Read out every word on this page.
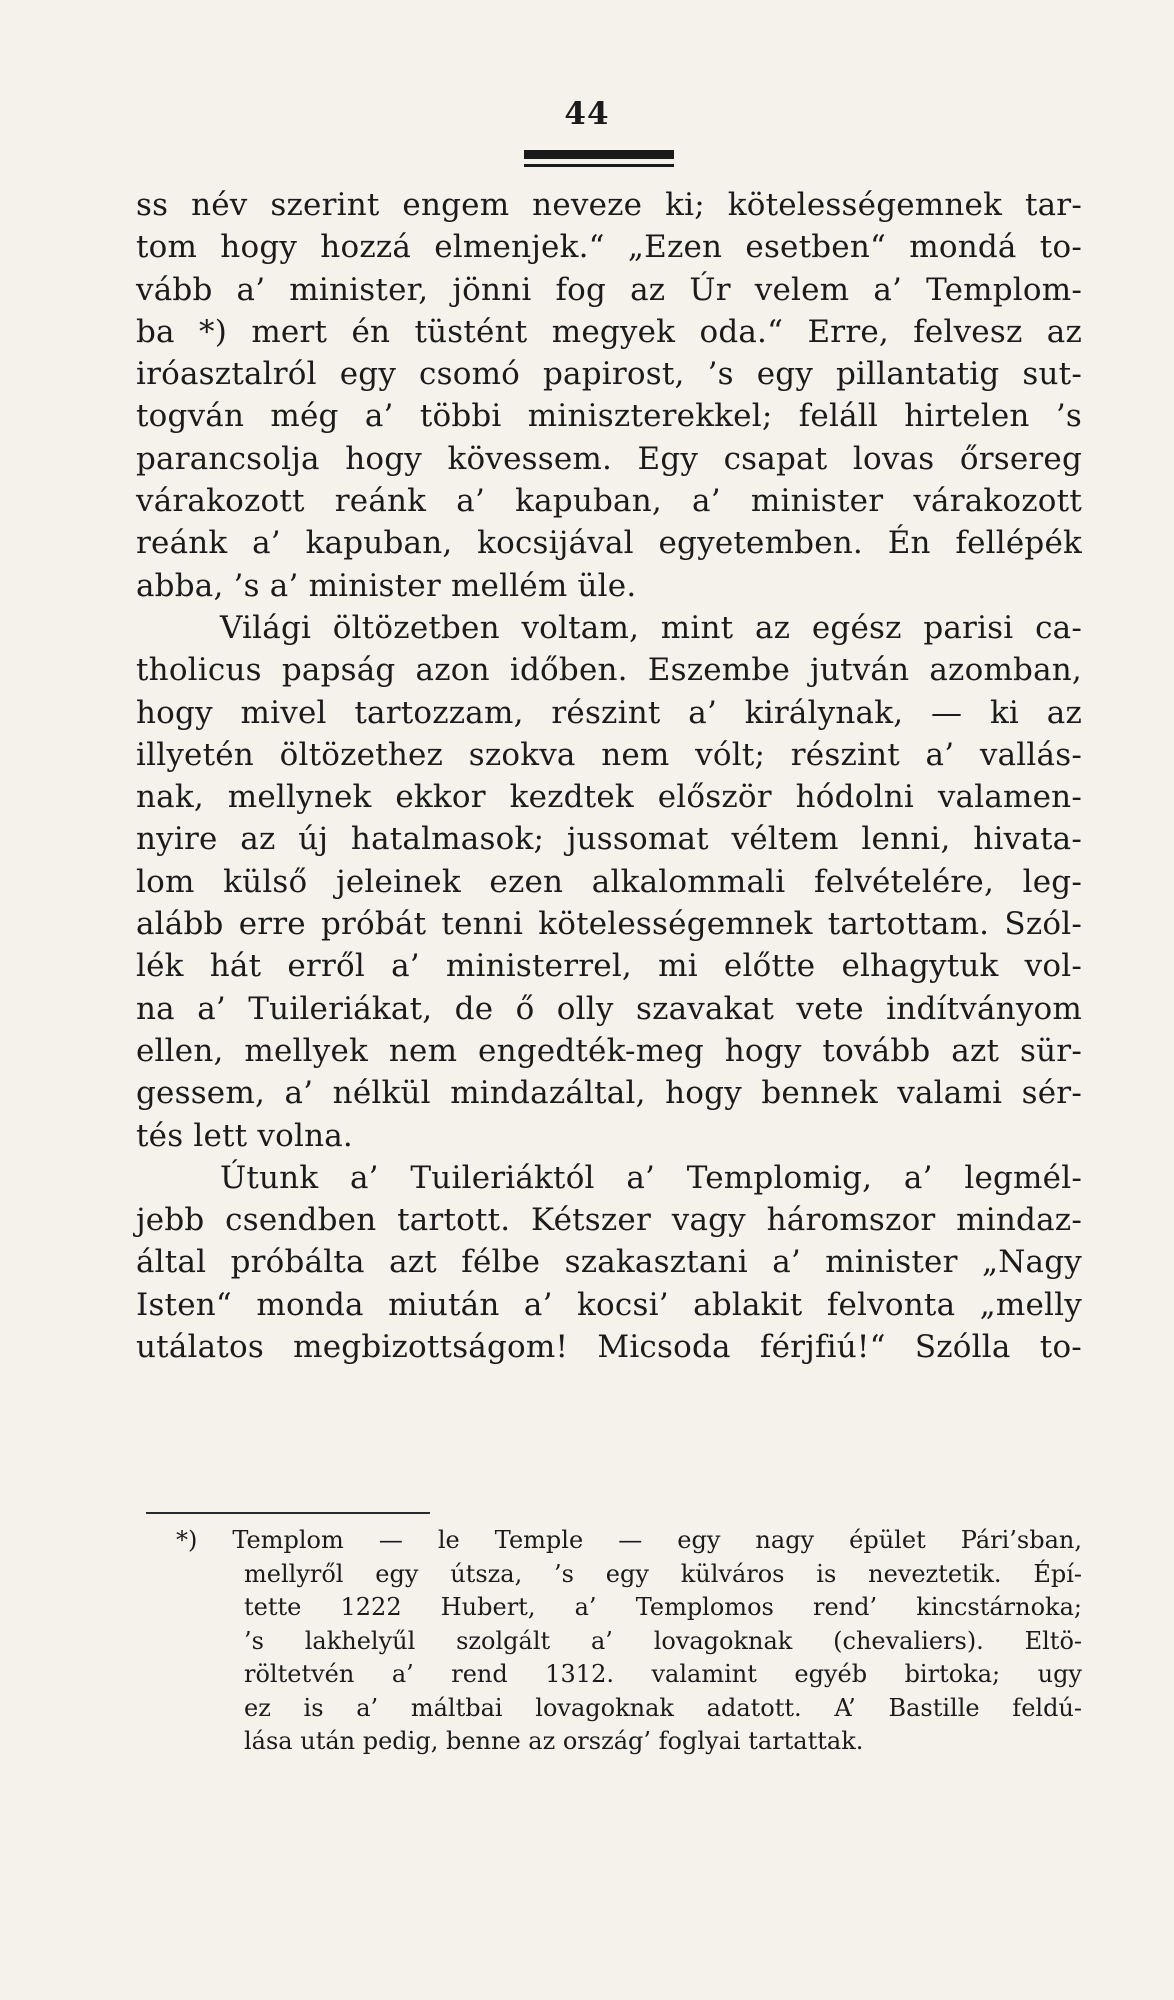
44
ss név szerint engem neveze ki; kötelességemnek tar-
tom hogy hozzá elmenjek.“ „Ezen esetben“ mondá to-
vább a’ minister, jönni fog az Úr velem a’ Templom-
ba *) mert én tüstént megyek oda.“ Erre, felvesz az
iróasztalról egy csomó papirost, ’s egy pillantatig sut-
togván még a’ többi miniszterekkel; feláll hirtelen ’s
parancsolja hogy kövessem. Egy csapat lovas őrsereg
várakozott reánk a’ kapuban, a’ minister várakozott
reánk a’ kapuban, kocsijával egyetemben. Én fellépék
abba, ’s a’ minister mellém üle.
Világi öltözetben voltam, mint az egész parisi ca-
tholicus papság azon időben. Eszembe jutván azomban,
hogy mivel tartozzam, részint a’ királynak, — ki az
illyetén öltözethez szokva nem vólt; részint a’ vallás-
nak, mellynek ekkor kezdtek először hódolni valamen-
nyire az új hatalmasok; jussomat véltem lenni, hivata-
lom külső jeleinek ezen alkalommali felvételére, leg-
alább erre próbát tenni kötelességemnek tartottam. Szól-
lék hát erről a’ ministerrel, mi előtte elhagytuk vol-
na a’ Tuileriákat, de ő olly szavakat vete indítványom
ellen, mellyek nem engedték-meg hogy tovább azt sür-
gessem, a’ nélkül mindazáltal, hogy bennek valami sér-
tés lett volna.
Útunk a’ Tuileriáktól a’ Templomig, a’ legmél-
jebb csendben tartott. Kétszer vagy háromszor mindaz-
által próbálta azt félbe szakasztani a’ minister „Nagy
Isten“ monda miután a’ kocsi’ ablakit felvonta „melly
utálatos megbizottságom! Micsoda férjfiú!“ Szólla to-
*) Templom — le Temple — egy nagy épület Pári’sban,
mellyről egy útsza, ’s egy külváros is neveztetik. Épí-
tette 1222 Hubert, a’ Templomos rend’ kincstárnoka;
’s lakhelyűl szolgált a’ lovagoknak (chevaliers). Eltö-
röltetvén a’ rend 1312. valamint egyéb birtoka; ugy
ez is a’ máltbai lovagoknak adatott. A’ Bastille feldú-
lása után pedig, benne az ország’ foglyai tartattak.
